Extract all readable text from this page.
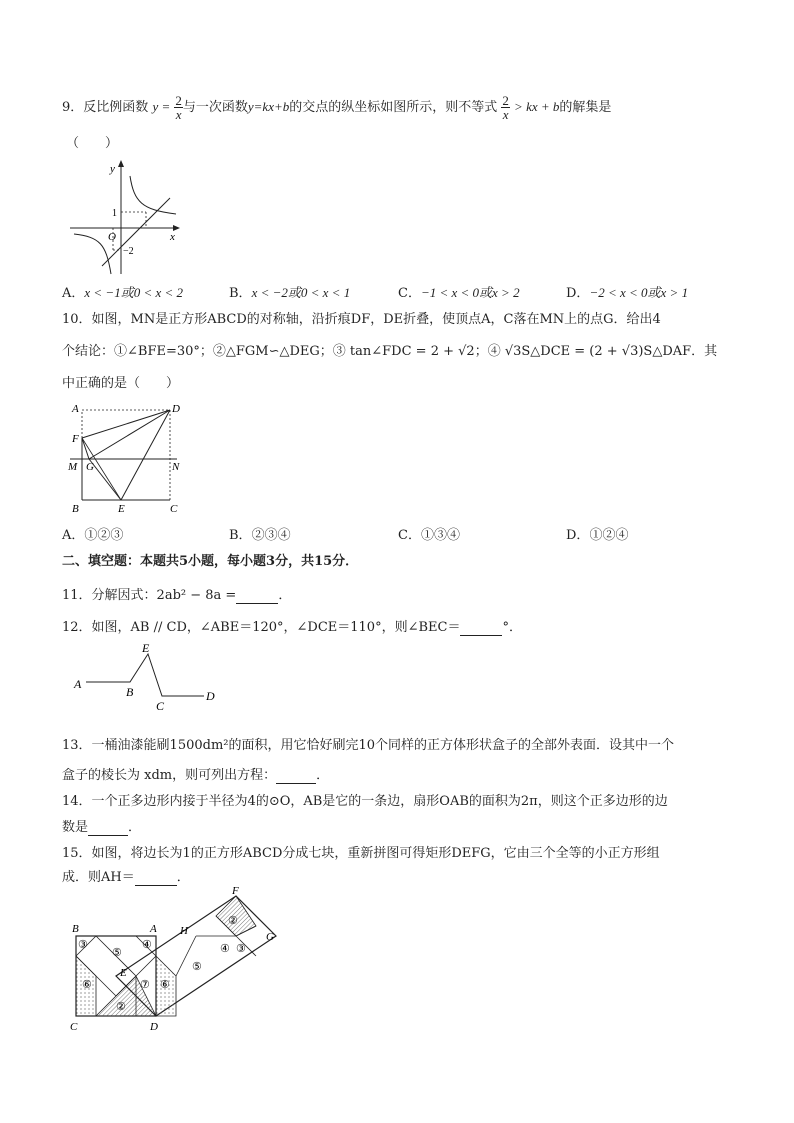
9．反比例函数 $y = \frac{2}{x}$ 与一次函数y=kx+b的交点的纵坐标如图所示，则不等式 $\frac{2}{x}$ > kx + b的解集是
（　　）
y
x
O
1
−2
A．x < −1或0 < x < 2	B．x < −2或0 < x < 1	C．−1 < x < 0或x > 2	D．−2 < x < 0或x > 1
10．如图，MN是正方形ABCD的对称轴，沿折痕DF，DE折叠，使顶点A，C落在MN上的点G．给出4
个结论：①∠BFE=30°；②△FGM∽△DEG；③ tan∠FDC = 2 + √2；④ √3S△DCE = (2 + √3)S△DAF．其
中正确的是（　　）
A	D
F
M G	N
B	E	C
A．①②③	B．②③④	C．①③④	D．①②④
二、填空题：本题共5小题，每小题3分，共15分．
11．分解因式：2ab² − 8a =	．
12．如图，AB // CD，∠ABE＝120°，∠DCE＝110°，则∠BEC＝	°．
A
B
E
C
D
13．一桶油漆能刷1500dm²的面积，用它恰好刷完10个同样的正方体形状盒子的全部外表面．设其中一个
盒子的棱长为 xdm，则可列出方程：	．
14．一个正多边形内接于半径为4的⊙O，AB是它的一条边，扇形OAB的面积为2π，则这个正多边形的边
数是	．
15．如图，将边长为1的正方形ABCD分成七块，重新拼图可得矩形DEFG，它由三个全等的小正方形组
成．则AH＝	．
B	A H
F
G
C	D
E
③
⑤
④
⑥	⑦ ⑥
②
⑤
④ ③
②
